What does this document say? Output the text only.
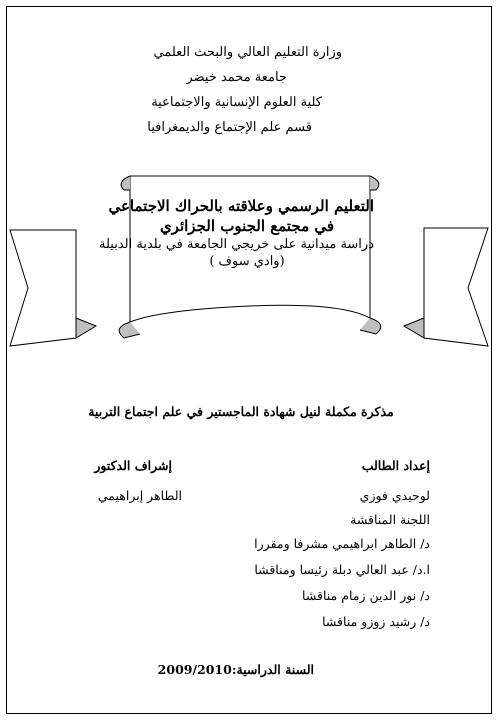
وزارة التعليم العالي والبحث العلمي
جامعة محمد خيضر
كلية العلوم الإنسانية والاجتماعية
قسم علم الإجتماع والديمغرافيا
التعليم الرسمي وعلاقته بالحراك الاجتماعي
في مجتمع الجنوب الجزائري
دراسة ميدانية على خريجي الجامعة في بلدية الدبيلة
(وادي سوف )
مذكرة مكملة لنيل شهادة الماجستير في علم اجتماع التربية
إعداد الطالب
إشراف الدكتور
لوحيدي فوزي
الطاهر إبراهيمي
اللجنة المناقشة
د/ الطاهر ابراهيمي مشرفا ومقررا
ا.د/ عبد العالي دبلة رئيسا ومناقشا
د/ نور الدين زمام مناقشا
د/ رشيد زوزو مناقشا
السنة الدراسية:2009/2010
